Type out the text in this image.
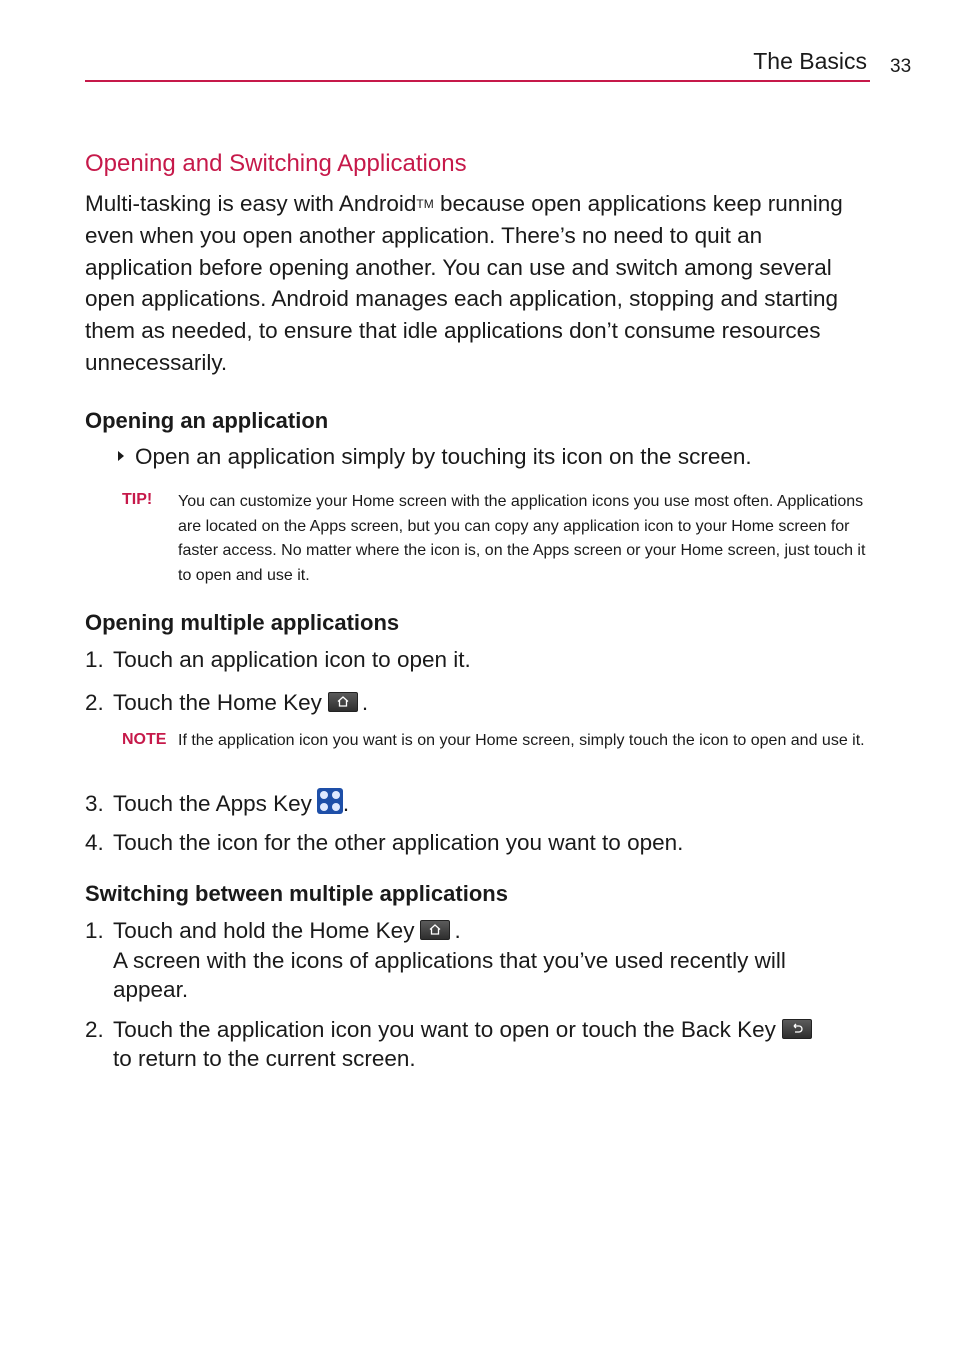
The Basics 33
Opening and Switching Applications
Multi-tasking is easy with Android™ because open applications keep running even when you open another application. There’s no need to quit an application before opening another. You can use and switch among several open applications. Android manages each application, stopping and starting them as needed, to ensure that idle applications don’t consume resources unnecessarily.
Opening an application
Open an application simply by touching its icon on the screen.
TIP! You can customize your Home screen with the application icons you use most often. Applications are located on the Apps screen, but you can copy any application icon to your Home screen for faster access. No matter where the icon is, on the Apps screen or your Home screen, just touch it to open and use it.
Opening multiple applications
1. Touch an application icon to open it.
2. Touch the Home Key .
NOTE If the application icon you want is on your Home screen, simply touch the icon to open and use it.
3. Touch the Apps Key .
4. Touch the icon for the other application you want to open.
Switching between multiple applications
1. Touch and hold the Home Key .
A screen with the icons of applications that you’ve used recently will
appear.
2. Touch the application icon you want to open or touch the Back Key
to return to the current screen.
